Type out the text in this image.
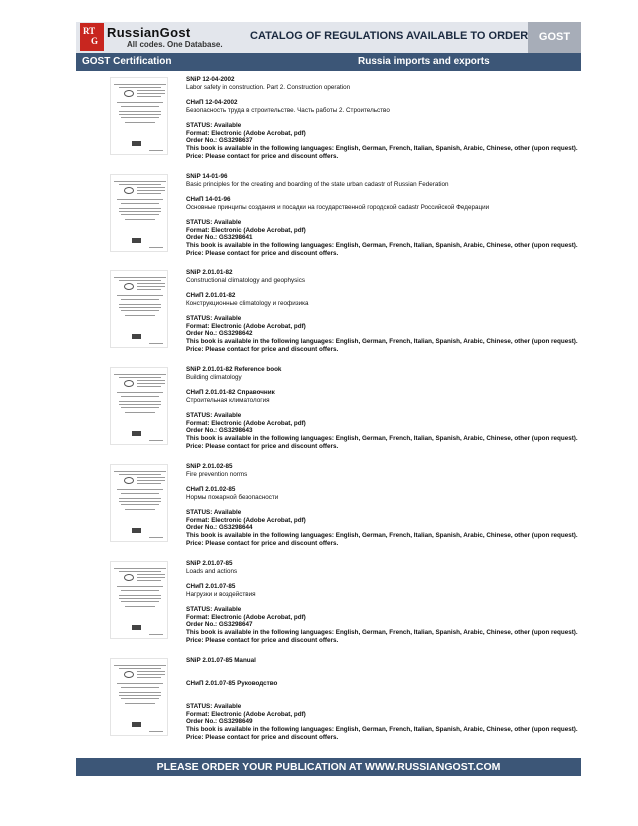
RT
G
RussianGost
All codes. One Database.
CATALOG OF REGULATIONS AVAILABLE TO ORDER GOST
GOST Certification	Russia imports and exports
SNiP 12-04-2002
Labor safety in construction. Part 2. Construction operation
СНиП 12-04-2002
Безопасность труда в строительстве. Часть работы 2. Строительство
STATUS: Available
Format: Electronic (Adobe Acrobat, pdf)
Order No.: GS3298637
This book is available in the following languages: English, German, French, Italian, Spanish, Arabic, Chinese, other (upon request).
Price: Please contact for price and discount offers.
SNiP 14-01-96
Basic principles for the creating and boarding of the state urban cadastr of Russian Federation
СНиП 14-01-96
Основные принципы создания и посадки на государственной городской cadastr Российской Федерации
STATUS: Available
Format: Electronic (Adobe Acrobat, pdf)
Order No.: GS3298641
This book is available in the following languages: English, German, French, Italian, Spanish, Arabic, Chinese, other (upon request).
Price: Please contact for price and discount offers.
SNiP 2.01.01-82
Constructional climatology and geophysics
СНиП 2.01.01-82
Конструкционные climatology и геофизика
STATUS: Available
Format: Electronic (Adobe Acrobat, pdf)
Order No.: GS3298642
This book is available in the following languages: English, German, French, Italian, Spanish, Arabic, Chinese, other (upon request).
Price: Please contact for price and discount offers.
SNiP 2.01.01-82 Reference book
Building climatology
СНиП 2.01.01-82 Справочник
Строительная климатология
STATUS: Available
Format: Electronic (Adobe Acrobat, pdf)
Order No.: GS3298643
This book is available in the following languages: English, German, French, Italian, Spanish, Arabic, Chinese, other (upon request).
Price: Please contact for price and discount offers.
SNiP 2.01.02-85
Fire prevention norms
СНиП 2.01.02-85
Нормы пожарной безопасности
STATUS: Available
Format: Electronic (Adobe Acrobat, pdf)
Order No.: GS3298644
This book is available in the following languages: English, German, French, Italian, Spanish, Arabic, Chinese, other (upon request).
Price: Please contact for price and discount offers.
SNiP 2.01.07-85
Loads and actions
СНиП 2.01.07-85
Нагрузки и воздействия
STATUS: Available
Format: Electronic (Adobe Acrobat, pdf)
Order No.: GS3298647
This book is available in the following languages: English, German, French, Italian, Spanish, Arabic, Chinese, other (upon request).
Price: Please contact for price and discount offers.
SNiP 2.01.07-85 Manual
СНиП 2.01.07-85 Руководство
STATUS: Available
Format: Electronic (Adobe Acrobat, pdf)
Order No.: GS3298649
This book is available in the following languages: English, German, French, Italian, Spanish, Arabic, Chinese, other (upon request).
Price: Please contact for price and discount offers.
PLEASE ORDER YOUR PUBLICATION AT WWW.RUSSIANGOST.COM
